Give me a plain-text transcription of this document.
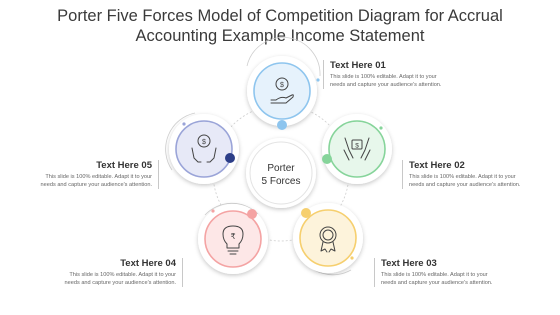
Porter Five Forces Model of Competition Diagram for Accrual
Accounting Example Income Statement
$
$
₹
$
Porter
5 Forces
Text Here 01
This slide is 100% editable. Adapt it to your
needs and capture your audience's attention.
Text Here 02
This slide is 100% editable. Adapt it to your
needs and capture your audience's attention.
Text Here 03
This slide is 100% editable. Adapt it to your
needs and capture your audience's attention.
Text Here 04
This slide is 100% editable. Adapt it to your
needs and capture your audience's attention.
Text Here 05
This slide is 100% editable. Adapt it to your
needs and capture your audience's attention.
